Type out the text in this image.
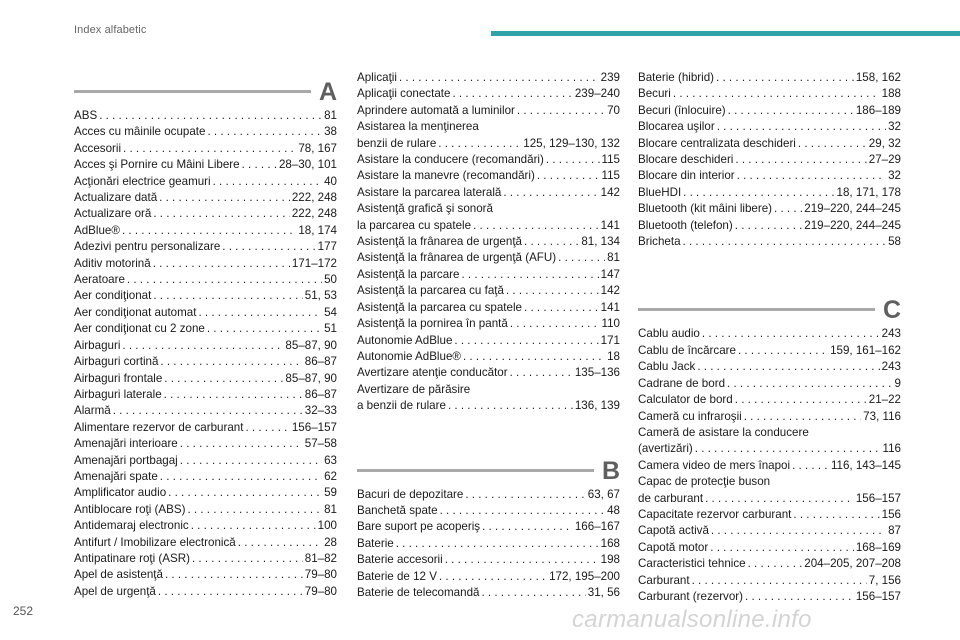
Index alfabetic
A
ABS . . .	81
Acces cu mâinile ocupate . . .	38
Accesorii . . .	78, 167
Acces şi Pornire cu Mâini Libere . . .	28–30, 101
Acţionări electrice geamuri . . .	40
Actualizare dată . . .	222, 248
Actualizare oră . . .	222, 248
AdBlue® . . .	18, 174
Adezivi pentru personalizare . . .	177
Aditiv motorină . . .	171–172
Aeratoare . . .	50
Aer condiţionat . . .	51, 53
Aer condiţionat automat . . .	54
Aer condiţionat cu 2 zone . . .	51
Airbaguri . . .	85–87, 90
Airbaguri cortină . . .	86–87
Airbaguri frontale . . .	85–87, 90
Airbaguri laterale . . .	86–87
Alarmă . . .	32–33
Alimentare rezervor de carburant . . .	156–157
Amenajări interioare . . .	57–58
Amenajări portbagaj . . .	63
Amenajări spate . . .	62
Amplificator audio . . .	59
Antiblocare roţi (ABS) . . .	81
Antidemaraj electronic . . .	100
Antifurt / Imobilizare electronică . . .	28
Antipatinare roţi (ASR) . . .	81–82
Apel de asistenţă . . .	79–80
Apel de urgenţă . . .	79–80
Aplicaţii . . .	239
Aplicaţii conectate . . .	239–240
Aprindere automată a luminilor . . .	70
Asistarea la menţinerea
benzii de rulare . . .	125, 129–130, 132
Asistare la conducere (recomandări) . . .	115
Asistare la manevre (recomandări) . . .	115
Asistare la parcarea laterală . . .	142
Asistenţă grafică şi sonoră
la parcarea cu spatele . . .	141
Asistenţă la frânarea de urgenţă . . .	81, 134
Asistenţă la frânarea de urgenţă (AFU) . . .	81
Asistenţă la parcare . . .	147
Asistenţă la parcarea cu faţă . . .	142
Asistenţă la parcarea cu spatele . . .	141
Asistenţă la pornirea în pantă . . .	110
Autonomie AdBlue . . .	171
Autonomie AdBlue® . . .	18
Avertizare atenţie conducător . . .	135–136
Avertizare de părăsire
a benzii de rulare . . .	136, 139
B
Bacuri de depozitare . . .	63, 67
Banchetă spate . . .	48
Bare suport pe acoperiş . . .	166–167
Baterie . . .	168
Baterie accesorii . . .	198
Baterie de 12 V . . .	172, 195–200
Baterie de telecomandă . . .	31, 56
Baterie (hibrid) . . .	158, 162
Becuri . . .	188
Becuri (înlocuire) . . .	186–189
Blocarea uşilor . . .	32
Blocare centralizata deschideri . . .	29, 32
Blocare deschideri . . .	27–29
Blocare din interior . . .	32
BlueHDI . . .	18, 171, 178
Bluetooth (kit mâini libere) . . .	219–220, 244–245
Bluetooth (telefon) . . .	219–220, 244–245
Bricheta . . .	58
C
Cablu audio . . .	243
Cablu de încărcare . . .	159, 161–162
Cablu Jack . . .	243
Cadrane de bord . . .	9
Calculator de bord . . .	21–22
Cameră cu infraroşii . . .	73, 116
Cameră de asistare la conducere
(avertizări) . . .	116
Camera video de mers înapoi . . .	116, 143–145
Capac de protecţie buson
de carburant . . .	156–157
Capacitate rezervor carburant . . .	156
Capotă activă . . .	87
Capotă motor . . .	168–169
Caracteristici tehnice . . .	204–205, 207–208
Carburant . . .	7, 156
Carburant (rezervor) . . .	156–157
252	carmanualsonline.info
